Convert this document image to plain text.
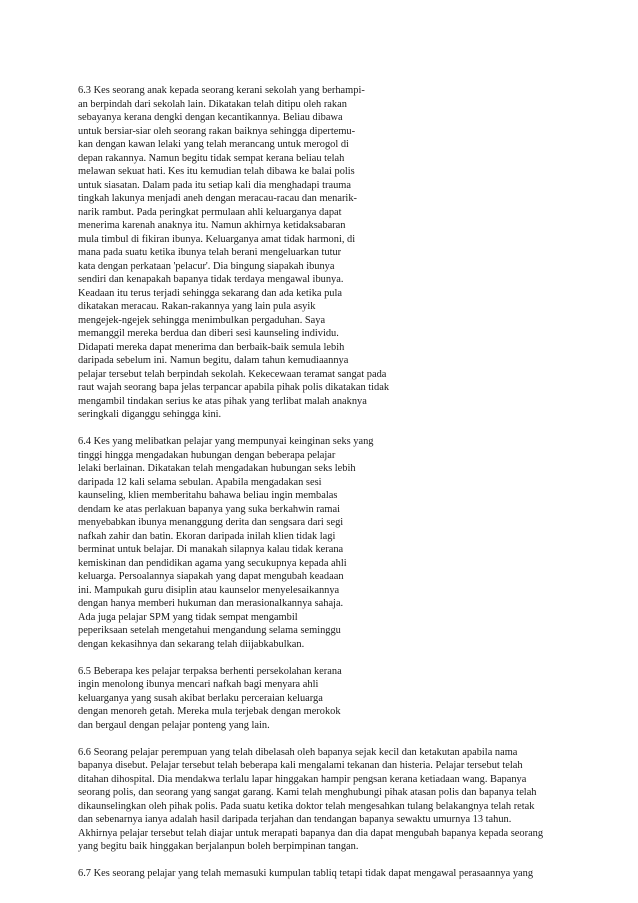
6.3 Kes seorang anak kepada seorang kerani sekolah yang berhampi-
an berpindah dari sekolah lain. Dikatakan telah ditipu oleh rakan
sebayanya kerana dengki dengan kecantikannya. Beliau dibawa
untuk bersiar-siar oleh seorang rakan baiknya sehingga dipertemu-
kan dengan kawan lelaki yang telah merancang untuk merogol di
depan rakannya. Namun begitu tidak sempat kerana beliau telah
melawan sekuat hati. Kes itu kemudian telah dibawa ke balai polis
untuk siasatan. Dalam pada itu setiap kali dia menghadapi trauma
tingkah lakunya menjadi aneh dengan meracau-racau dan menarik-
narik rambut. Pada peringkat permulaan ahli keluarganya dapat
menerima karenah anaknya itu. Namun akhirnya ketidaksabaran
mula timbul di fikiran ibunya. Keluarganya amat tidak harmoni, di
mana pada suatu ketika ibunya telah berani mengeluarkan tutur
kata dengan perkataan 'pelacur'. Dia bingung siapakah ibunya
sendiri dan kenapakah bapanya tidak terdaya mengawal ibunya.
Keadaan itu terus terjadi sehingga sekarang dan ada ketika pula
dikatakan meracau. Rakan-rakannya yang lain pula asyik
mengejek-ngejek sehingga menimbulkan pergaduhan. Saya
memanggil mereka berdua dan diberi sesi kaunseling individu.
Didapati mereka dapat menerima dan berbaik-baik semula lebih
daripada sebelum ini. Namun begitu, dalam tahun kemudiaannya
pelajar tersebut telah berpindah sekolah. Kekecewaan teramat sangat pada
raut wajah seorang bapa jelas terpancar apabila pihak polis dikatakan tidak
mengambil tindakan serius ke atas pihak yang terlibat malah anaknya
seringkali diganggu sehingga kini.
6.4 Kes yang melibatkan pelajar yang mempunyai keinginan seks yang
tinggi hingga mengadakan hubungan dengan beberapa pelajar
lelaki berlainan. Dikatakan telah mengadakan hubungan seks lebih
daripada 12 kali selama sebulan. Apabila mengadakan sesi
kaunseling, klien memberitahu bahawa beliau ingin membalas
dendam ke atas perlakuan bapanya yang suka berkahwin ramai
menyebabkan ibunya menanggung derita dan sengsara dari segi
nafkah zahir dan batin. Ekoran daripada inilah klien tidak lagi
berminat untuk belajar. Di manakah silapnya kalau tidak kerana
kemiskinan dan pendidikan agama yang secukupnya kepada ahli
keluarga. Persoalannya siapakah yang dapat mengubah keadaan
ini. Mampukah guru disiplin atau kaunselor menyelesaikannya
dengan hanya memberi hukuman dan merasionalkannya sahaja.
Ada juga pelajar SPM yang tidak sempat mengambil
peperiksaan setelah mengetahui mengandung selama seminggu
dengan kekasihnya dan sekarang telah diijabkabulkan.
6.5 Beberapa kes pelajar terpaksa berhenti persekolahan kerana
ingin menolong ibunya mencari nafkah bagi menyara ahli
keluarganya yang susah akibat berlaku perceraian keluarga
dengan menoreh getah. Mereka mula terjebak dengan merokok
dan bergaul dengan pelajar ponteng yang lain.
6.6 Seorang pelajar perempuan yang telah dibelasah oleh bapanya sejak kecil dan ketakutan apabila nama
bapanya disebut. Pelajar tersebut telah beberapa kali mengalami tekanan dan histeria. Pelajar tersebut telah
ditahan dihospital. Dia mendakwa terlalu lapar hinggakan hampir pengsan kerana ketiadaan wang. Bapanya
seorang polis, dan seorang yang sangat garang. Kami telah menghubungi pihak atasan polis dan bapanya telah
dikaunselingkan oleh pihak polis. Pada suatu ketika doktor telah mengesahkan tulang belakangnya telah retak
dan sebenarnya ianya adalah hasil daripada terjahan dan tendangan bapanya sewaktu umurnya 13 tahun.
Akhirnya pelajar tersebut telah diajar untuk merapati bapanya dan dia dapat mengubah bapanya kepada seorang
yang begitu baik hinggakan berjalanpun boleh berpimpinan tangan.
6.7 Kes seorang pelajar yang telah memasuki kumpulan tabliq tetapi tidak dapat mengawal perasaannya yang
